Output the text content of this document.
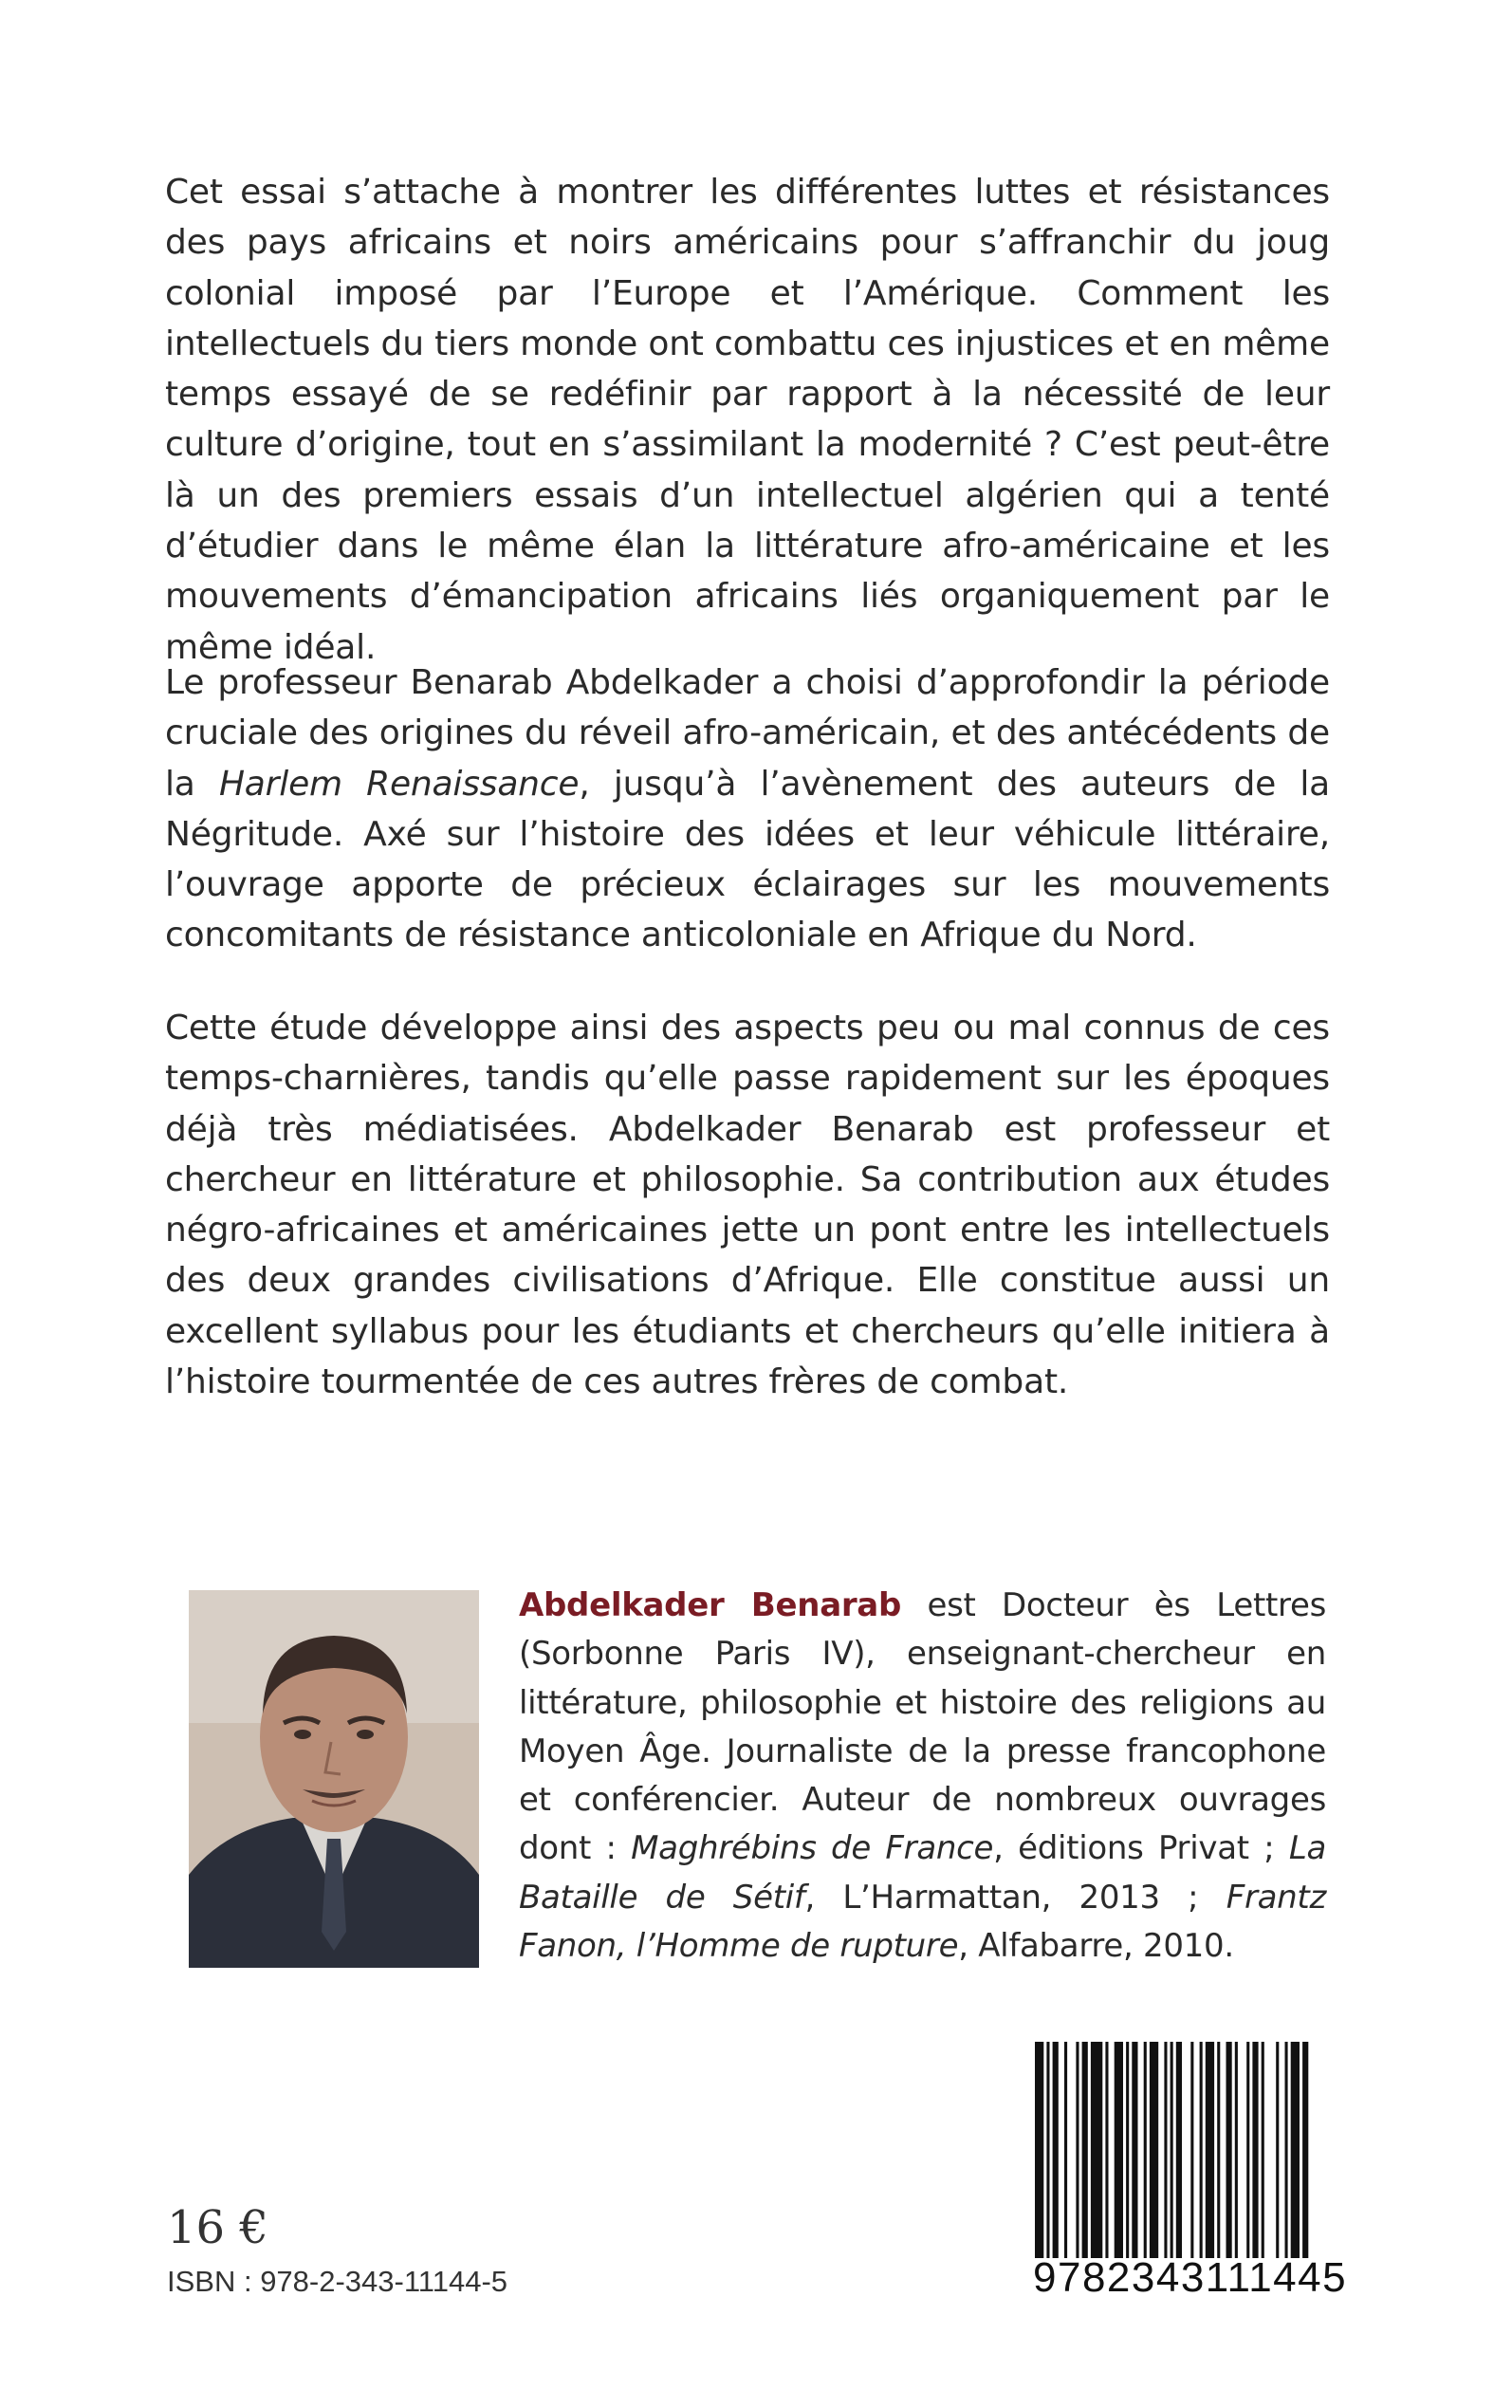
Cet essai s’attache à montrer les différentes luttes et résistances des pays africains et noirs américains pour s’affranchir du joug colonial imposé par l’Europe et l’Amérique. Comment les intellectuels du tiers monde ont combattu ces injustices et en même temps essayé de se redéfinir par rapport à la nécessité de leur culture d’origine, tout en s’assimilant la modernité ? C’est peut-être là un des premiers essais d’un intellectuel algérien qui a tenté d’étudier dans le même élan la littérature afro-américaine et les mouvements d’émancipation africains liés organiquement par le même idéal.

Le professeur Benarab Abdelkader a choisi d’approfondir la période cruciale des origines du réveil afro-américain, et des antécédents de la Harlem Renaissance, jusqu’à l’avènement des auteurs de la Négritude. Axé sur l’histoire des idées et leur véhicule littéraire, l’ouvrage apporte de précieux éclairages sur les mouvements concomitants de résistance anticoloniale en Afrique du Nord.

Cette étude développe ainsi des aspects peu ou mal connus de ces temps-charnières, tandis qu’elle passe rapidement sur les époques déjà très médiatisées. Abdelkader Benarab est professeur et chercheur en littérature et philosophie. Sa contribution aux études négro-africaines et américaines jette un pont entre les intellectuels des deux grandes civilisations d’Afrique. Elle constitue aussi un excellent syllabus pour les étudiants et chercheurs qu’elle initiera à l’histoire tourmentée de ces autres frères de combat.

Abdelkader Benarab est Docteur ès Lettres (Sorbonne Paris IV), enseignant-chercheur en littérature, philosophie et histoire des religions au Moyen Âge. Journaliste de la presse francophone et conférencier. Auteur de nombreux ouvrages dont : Maghrébins de France, éditions Privat ; La Bataille de Sétif, L’Harmattan, 2013 ; Frantz Fanon, l’Homme de rupture, Alfabarre, 2010.

16 €
ISBN : 978-2-343-11144-5	9782343111445
